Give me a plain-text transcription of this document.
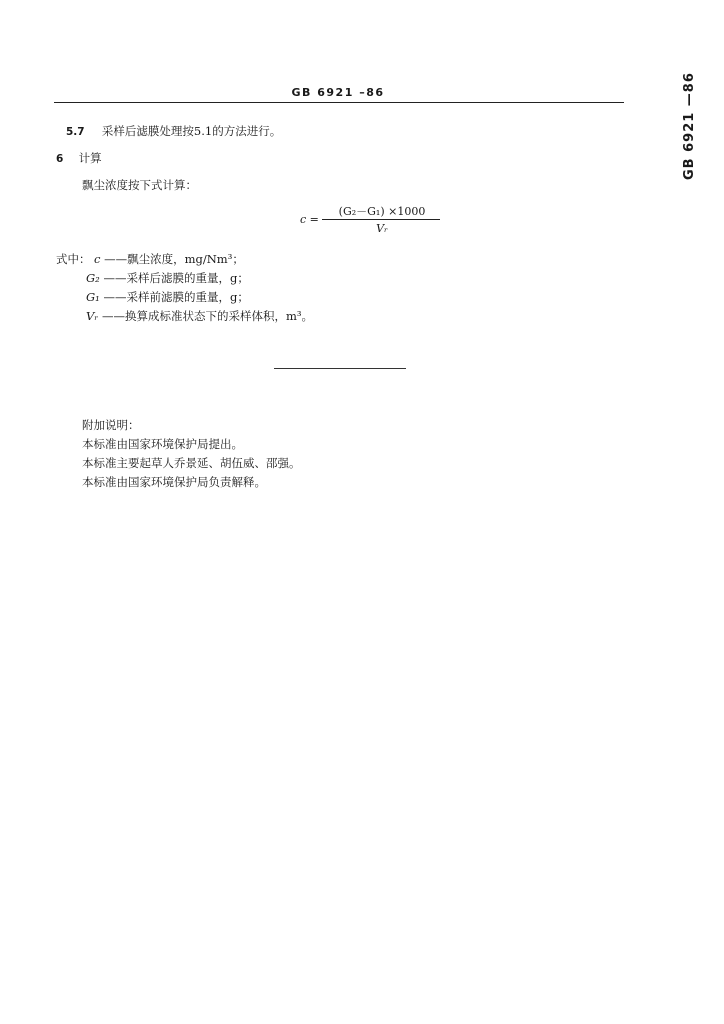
GB 6921 –86	GB 6921 —86
5.7 采样后滤膜处理按5.1的方法进行。
6 计算
飘尘浓度按下式计算：
c =
(G₂－G₁) ×1000
Vᵣ
式中： c ——飘尘浓度，mg/Nm³；
G₂ ——采样后滤膜的重量，g；
G₁ ——采样前滤膜的重量，g；
Vᵣ ——换算成标准状态下的采样体积，m³。
附加说明：
本标准由国家环境保护局提出。
本标准主要起草人乔景延、胡伍威、邵强。
本标准由国家环境保护局负责解释。
